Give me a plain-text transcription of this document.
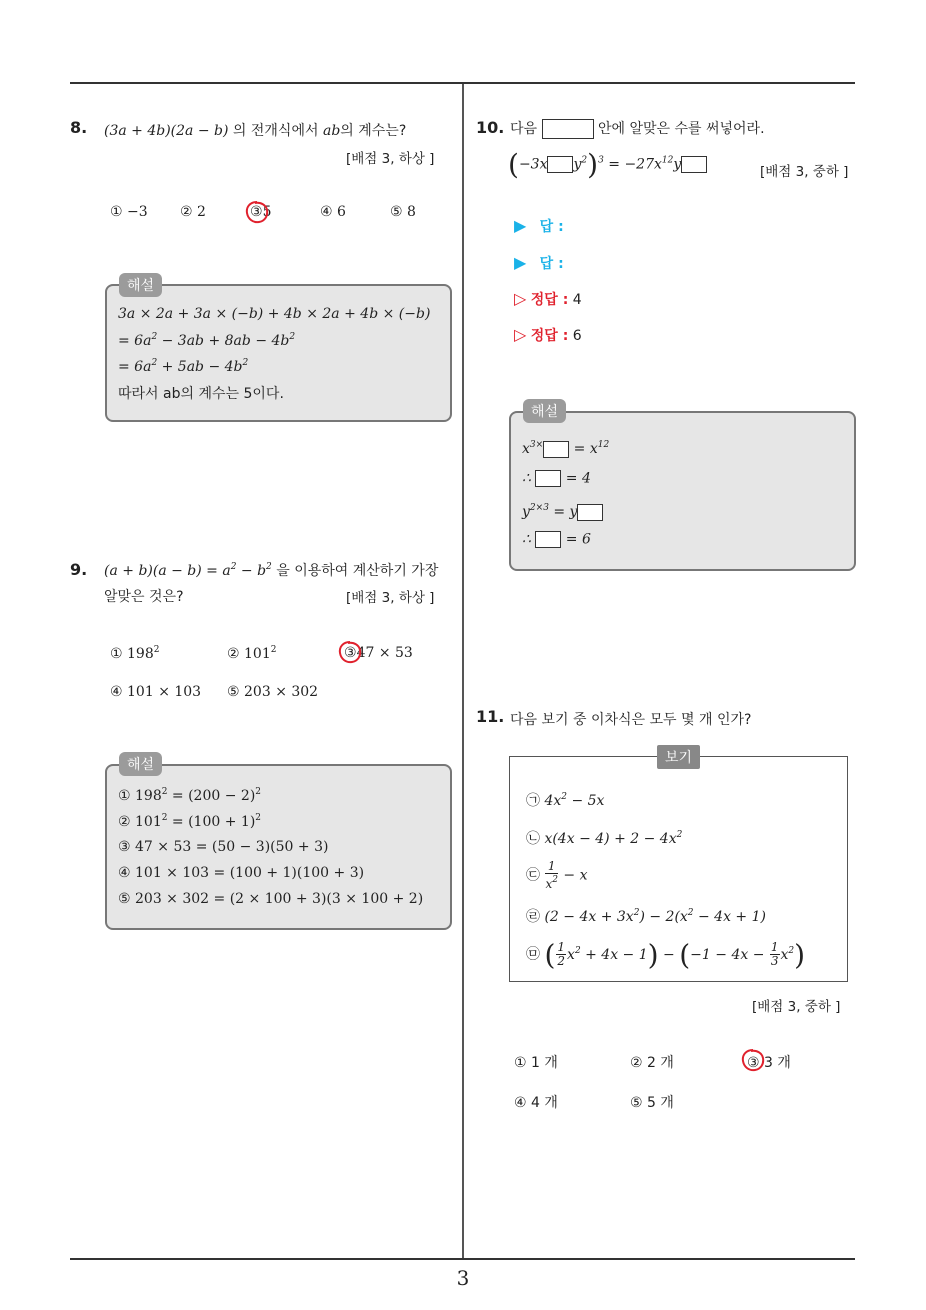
8. (3a + 4b)(2a − b) 의 전개식에서 ab의 계수는?
[배점 3, 하상 ]
① −3 ② 2	③5	④ 6	⑤ 8
해설
3a × 2a + 3a × (−b) + 4b × 2a + 4b × (−b)
= $6a^2 - 3ab + 8ab - 4b^2$
= $6a^2 + 5ab - 4b^2$
따라서 ab의 계수는 5이다.
9. $(a + b)(a - b) = a^2 - b^2$ 을 이용하여 계산하기 가장
알맞은 것은?	[배점 3, 하상 ]
① $198^2$	② $101^2$	③47 × 53
④ 101 × 103 ⑤ 203 × 302
해설
① $198^2 = (200 - 2)^2$
② $101^2 = (100 + 1)^2$
③ 47 × 53 = (50 − 3)(50 + 3)
④ 101 × 103 = (100 + 1)(100 + 3)
⑤ 203 × 302 = (2 × 100 + 3)(3 × 100 + 2)
10. 다음	안에 알맞은 수를 써넣어라.
(−3x $y^2)^3 = -27x^{12}y$	[배점 3, 중하 ]
▶ 답 :
▶ 답 :
▷ 정답 : 4
▷ 정답 : 6
해설
$x^{3\times} = x^{12}$
∴  = 4
$y^{2\times 3} = y$
∴  = 6
11. 다음 보기 중 이차식은 모두 몇 개 인가?
보기
㉠ $4x^2 - 5x$
㉡ $x(4x - 4) + 2 - 4x^2$
㉢ $\frac{1}{x^2} - x$
㉣ $(2 - 4x + 3x^2) - 2(x^2 - 4x + 1)$
㉤ ( $\frac{1}{2} x^2 + 4x - 1) - (-1 - 4x - \frac{1}{3} x^2)$
[배점 3, 중하 ]
① 1 개	② 2 개	③ 3 개
④ 4 개	⑤ 5 개
3
